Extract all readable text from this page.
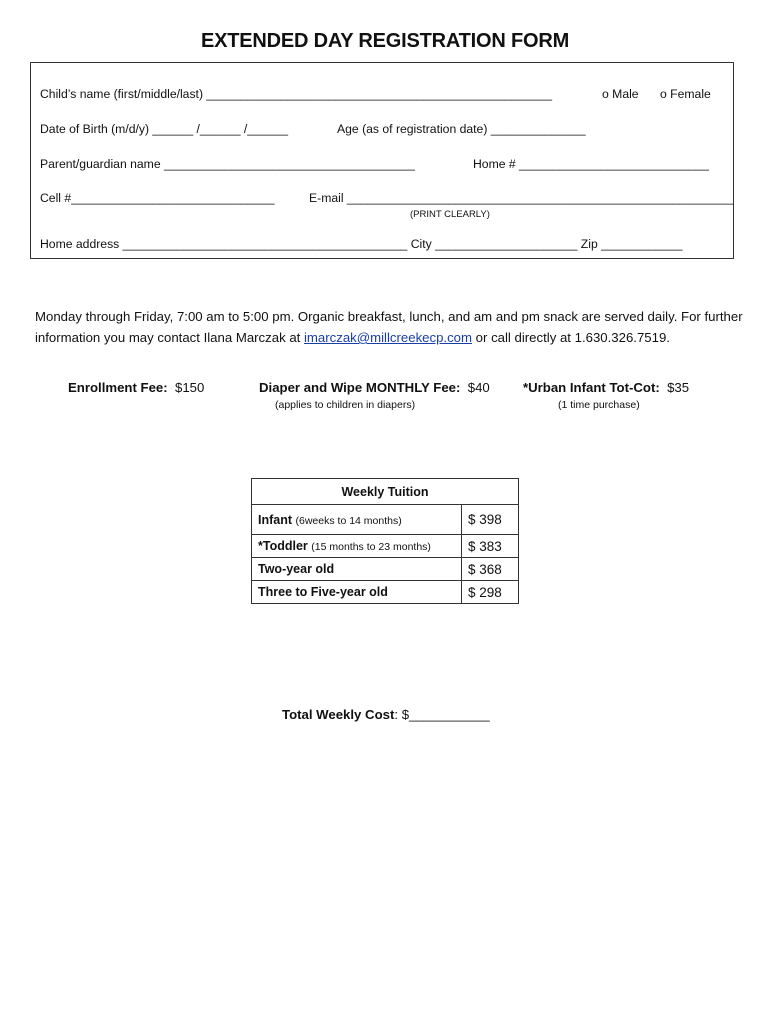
EXTENDED DAY REGISTRATION FORM
Child’s name (first/middle/last) ___________________________________________________	o Male o Female
Date of Birth (m/d/y) ______ /______ /______	Age (as of registration date) ______________
Parent/guardian name _____________________________________	Home # ____________________________
Cell #______________________________	E-mail _________________________________________________________
(PRINT CLEARLY)
Home address __________________________________________ City _____________________ Zip ____________
Monday through Friday, 7:00 am to 5:00 pm. Organic breakfast, lunch, and am and pm snack are served daily. For further information you may contact Ilana Marczak at imarczak@millcreekecp.com or call directly at 1.630.326.7519.
Enrollment Fee: $150	Diaper and Wipe MONTHLY Fee: $40
(applies to children in diapers)
*Urban Infant Tot-Cot: $35
(1 time purchase)
Weekly Tuition	
Infant (6weeks to 14 months)	$ 398
*Toddler (15 months to 23 months)	$ 383
Two-year old	$ 368
Three to Five-year old	$ 298
Total Weekly Cost: $___________
